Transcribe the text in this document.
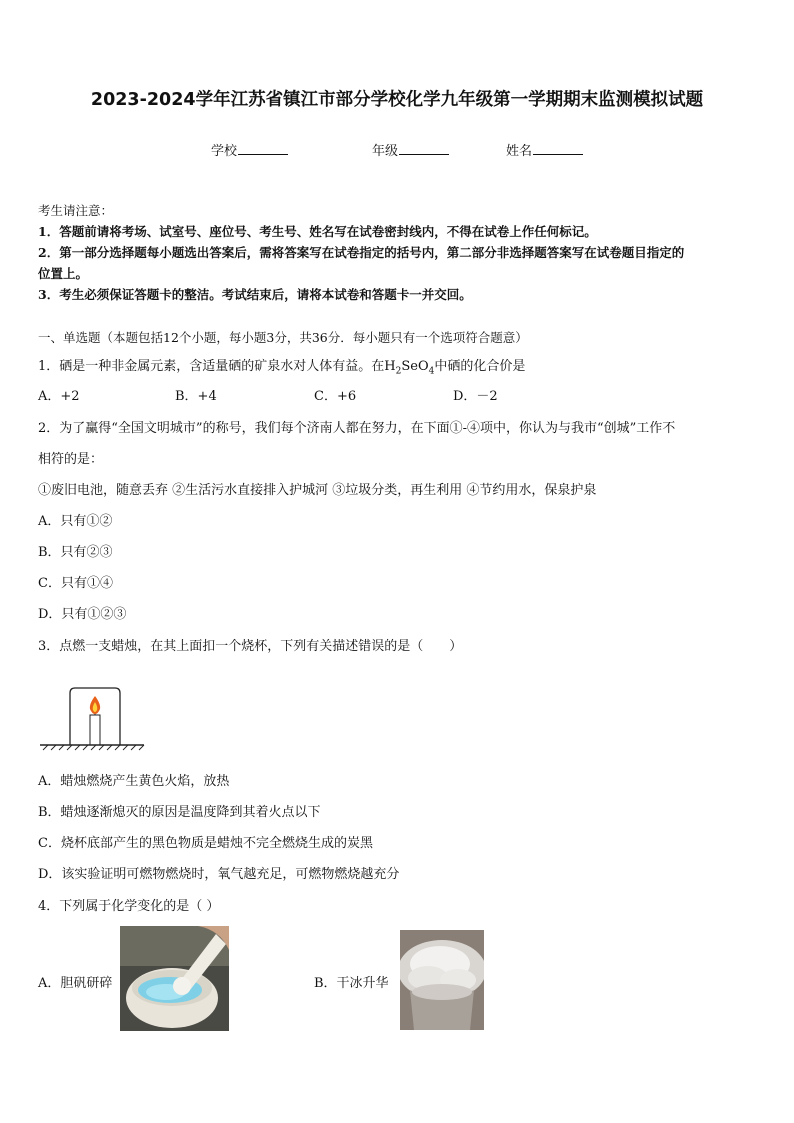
2023-2024学年江苏省镇江市部分学校化学九年级第一学期期末监测模拟试题
学校	年级	姓名
考生请注意：
1．答题前请将考场、试室号、座位号、考生号、姓名写在试卷密封线内，不得在试卷上作任何标记。
2．第一部分选择题每小题选出答案后，需将答案写在试卷指定的括号内，第二部分非选择题答案写在试卷题目指定的
位置上。
3．考生必须保证答题卡的整洁。考试结束后，请将本试卷和答题卡一并交回。
一、单选题（本题包括12个小题，每小题3分，共36分．每小题只有一个选项符合题意）
1．硒是一种非金属元素，含适量硒的矿泉水对人体有益。在$H_2SeO_4$中硒的化合价是
A．+2	B．+4	C．+6	D．－2
2．为了赢得“全国文明城市”的称号，我们每个济南人都在努力，在下面①-④项中，你认为与我市“创城”工作不
相符的是：
①废旧电池，随意丢弃 ②生活污水直接排入护城河 ③垃圾分类，再生利用 ④节约用水，保泉护泉
A．只有①②
B．只有②③
C．只有①④
D．只有①②③
3．点燃一支蜡烛，在其上面扣一个烧杯，下列有关描述错误的是（　　）
A．蜡烛燃烧产生黄色火焰，放热
B．蜡烛逐渐熄灭的原因是温度降到其着火点以下
C．烧杯底部产生的黑色物质是蜡烛不完全燃烧生成的炭黑
D．该实验证明可燃物燃烧时，氧气越充足，可燃物燃烧越充分
4．下列属于化学变化的是（ ）
A．胆矾研碎	B．干冰升华
